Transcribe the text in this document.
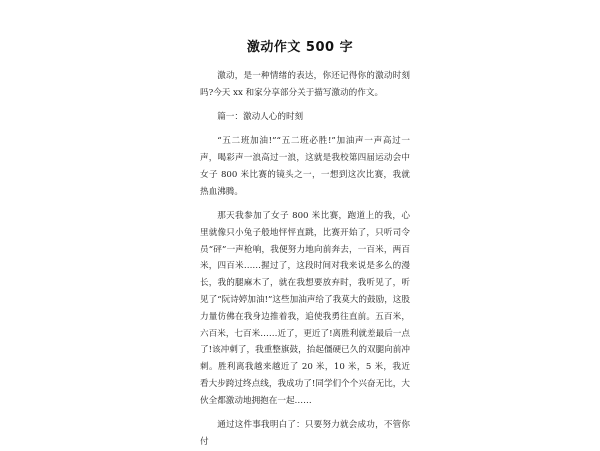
激动作文 500 字

激动，是一种情绪的表达，你还记得你的激动时刻吗?今天 xx 和家分享部分关于描写激动的作文。

篇一：激动人心的时刻

“五二班加油!”“五二班必胜!”加油声一声高过一声，喝彩声一浪高过一浪，这就是我校第四届运动会中女子 800 米比赛的镜头之一，一想到这次比赛，我就热血沸腾。

那天我参加了女子 800 米比赛，跑道上的我，心里就像只小兔子般地怦怦直跳，比赛开始了，只听司令员“砰”一声枪响，我便努力地向前奔去，一百米，两百米，四百米……握过了，这段时间对我来说是多么的漫长，我的腿麻木了，就在我想要放弃时，我听见了，听见了“阮诗婷加油!”这些加油声给了我莫大的鼓励，这股力量仿佛在我身边推着我，追使我勇往直前。五百米，六百米，七百米……近了，更近了!离胜利就差最后一点了!该冲刺了，我重整旗鼓，抬起僵硬已久的双腿向前冲刺。胜利离我越来越近了 20 米，10 米，5 米，我近看大步跨过终点线，我成功了!同学们个个兴奋无比，大伙全都激动地拥抱在一起……

通过这件事我明白了：只要努力就会成功，不管你付
